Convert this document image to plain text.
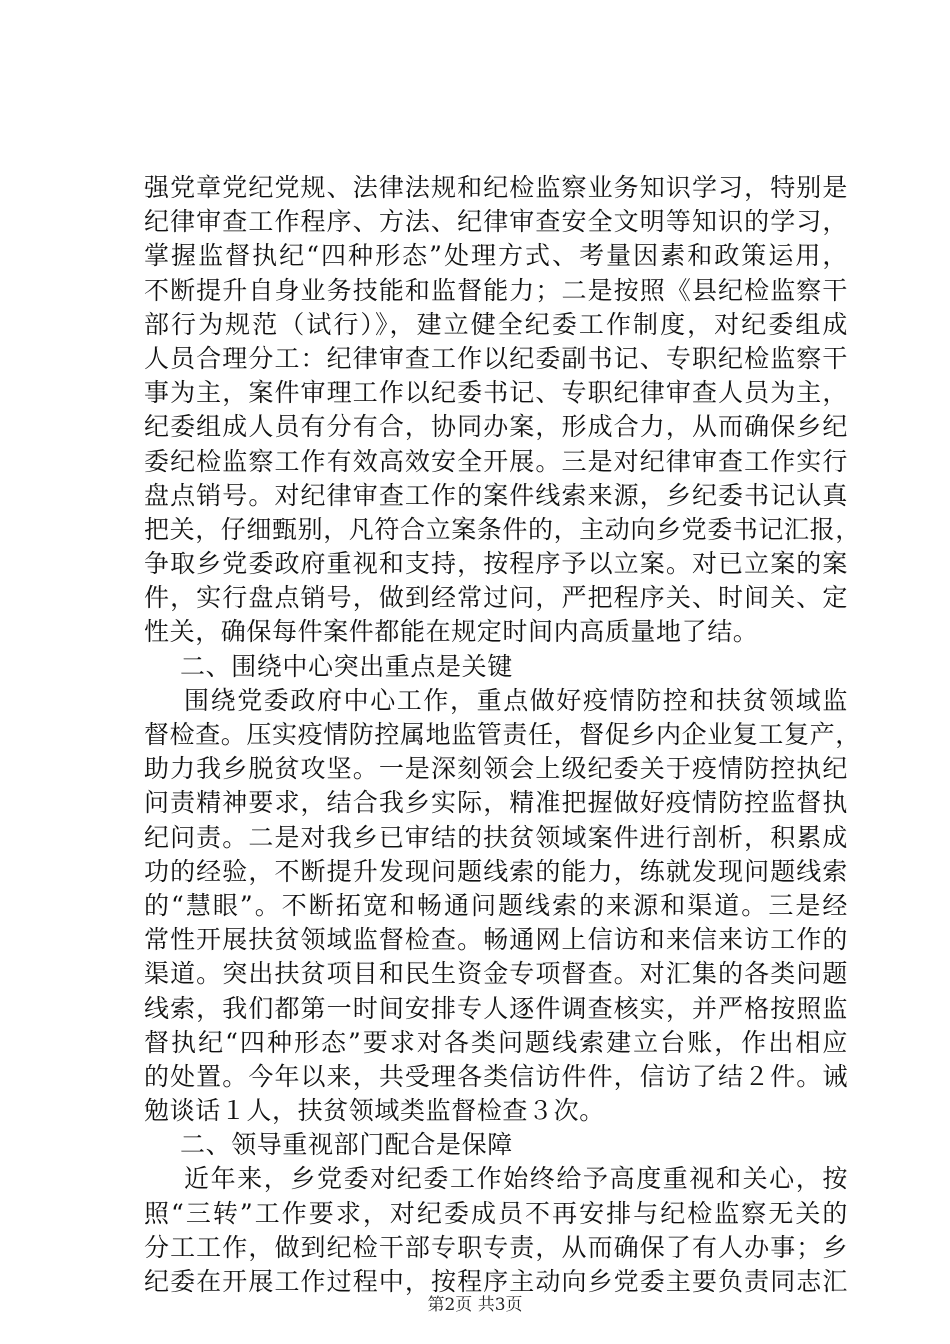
强党章党纪党规、法律法规和纪检监察业务知识学习，特别是
纪律审查工作程序、方法、纪律审查安全文明等知识的学习，
掌握监督执纪“四种形态”处理方式、考量因素和政策运用，
不断提升自身业务技能和监督能力；二是按照《县纪检监察干
部行为规范（试行）》，建立健全纪委工作制度，对纪委组成
人员合理分工：纪律审查工作以纪委副书记、专职纪检监察干
事为主，案件审理工作以纪委书记、专职纪律审查人员为主，
纪委组成人员有分有合，协同办案，形成合力，从而确保乡纪
委纪检监察工作有效高效安全开展。三是对纪律审查工作实行
盘点销号。对纪律审查工作的案件线索来源，乡纪委书记认真
把关，仔细甄别，凡符合立案条件的，主动向乡党委书记汇报，
争取乡党委政府重视和支持，按程序予以立案。对已立案的案
件，实行盘点销号，做到经常过问，严把程序关、时间关、定
性关，确保每件案件都能在规定时间内高质量地了结。
二、围绕中心突出重点是关键
围绕党委政府中心工作，重点做好疫情防控和扶贫领域监
督检查。压实疫情防控属地监管责任，督促乡内企业复工复产，
助力我乡脱贫攻坚。一是深刻领会上级纪委关于疫情防控执纪
问责精神要求，结合我乡实际，精准把握做好疫情防控监督执
纪问责。二是对我乡已审结的扶贫领域案件进行剖析，积累成
功的经验，不断提升发现问题线索的能力，练就发现问题线索
的“慧眼”。不断拓宽和畅通问题线索的来源和渠道。三是经
常性开展扶贫领域监督检查。畅通网上信访和来信来访工作的
渠道。突出扶贫项目和民生资金专项督查。对汇集的各类问题
线索，我们都第一时间安排专人逐件调查核实，并严格按照监
督执纪“四种形态”要求对各类问题线索建立台账，作出相应
的处置。今年以来，共受理各类信访件件，信访了结２件。诫
勉谈话１人，扶贫领域类监督检查３次。
二、领导重视部门配合是保障
近年来，乡党委对纪委工作始终给予高度重视和关心，按
照“三转”工作要求，对纪委成员不再安排与纪检监察无关的
分工工作，做到纪检干部专职专责，从而确保了有人办事；乡
纪委在开展工作过程中，按程序主动向乡党委主要负责同志汇
第2页 共3页
